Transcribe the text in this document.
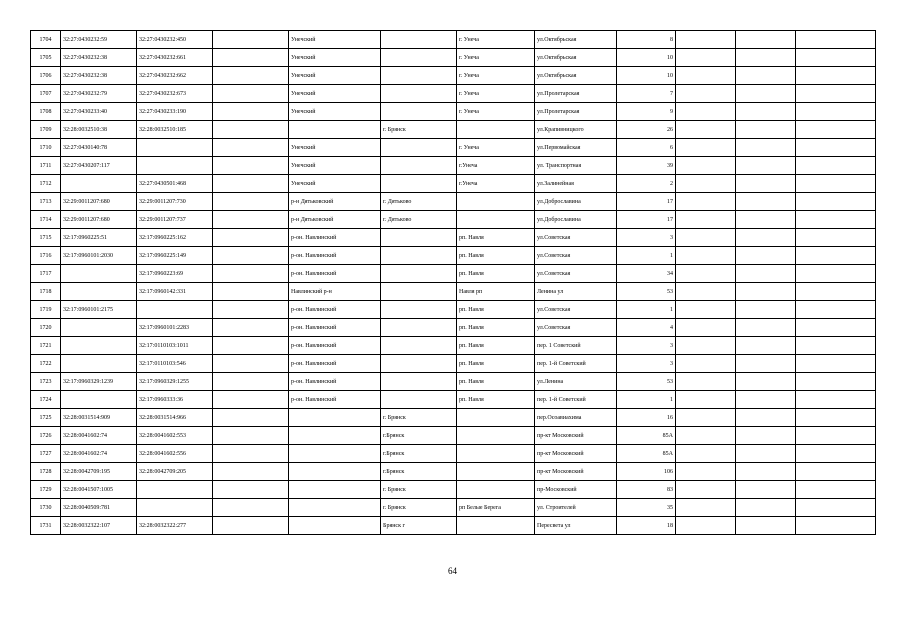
1704	32:27:0430232:59	32:27:0430232:450		Унечский		г. Унеча	ул.Октябрьская	8			
1705	32:27:0430232:38	32:27:0430232:661		Унечский		г. Унеча	ул.Октябрьская	10			
1706	32:27:0430232:38	32:27:0430232:662		Унечский		г. Унеча	ул.Октябрьская	10			
1707	32:27:0430232:79	32:27:0430232:673		Унечский		г. Унеча	ул.Пролетарская	7			
1708	32:27:0430233:40	32:27:0430233:190		Унечский		г. Унеча	ул.Пролетарская	9			
1709	32:28:0032510:38	32:28:0032510:185			г. Брянск		ул.Крапивницкого	26			
1710	32:27:0430140:78			Унечский		г. Унеча	ул.Первомайская	6			
1711	32:27:0430207:117			Унечский		г.Унеча	ул. Транспортная	39			
1712		32:27:0430501:468		Унечский		г.Унеча	ул.Залинейная	2			
1713	32:29:0011207:680	32:29:0011207:730		р-н Дятьковский	г. Дятьково		ул.Доброславина	17			
1714	32:29:0011207:680	32:29:0011207:737		р-н Дятьковский	г. Дятьково		ул.Доброславина	17			
1715	32:17:0960225:51	32:17:0960225:162		р-он. Навлинский		рп. Навля	ул.Советская	3			
1716	32:17:0960101:2030	32:17:0960225:149		р-он. Навлинский		рп. Навля	ул.Советская	1			
1717		32:17:0960223:69		р-он. Навлинский		рп. Навля	ул.Советская	34			
1718		32:17:0960142:331		Навлинский р-н		Навля рп	Ленина ул	53			
1719	32:17:0960101:2175			р-он. Навлинский		рп. Навля	ул.Советская	1			
1720		32:17:0960101:2283		р-он. Навлинский		рп. Навля	ул.Советская	4			
1721		32:17:0110103:1011		р-он. Навлинский		рп. Навля	пер. 1 Советский	3			
1722		32:17:0110103:546		р-он. Навлинский		рп. Навля	пер. 1-й Советский	3			
1723	32:17:0960329:1239	32:17:0960329:1255		р-он. Навлинский		рп. Навля	ул.Ленина	53			
1724		32:17:0960333:36		р-он. Навлинский		рп. Навля	пер. 1-й Советский	1			
1725	32:28:0031514:909	32:28:0031514:966			г. Брянск		пер.Осоавиахима	16			
1726	32:28:0041602:74	32:28:0041602:553			г.Брянск		пр-кт Московский	85А			
1727	32:28:0041602:74	32:28:0041602:556			г.Брянск		пр-кт Московский	85А			
1728	32:28:0042709:195	32:28:0042709:205			г.Брянск		пр-кт Московский	106			
1729	32:28:0041507:1005				г. Брянск		пр-Московский	83			
1730	32:28:0040509:781				г. Брянск	рп Белые Берега	ул. Строителей	35			
1731	32:28:0032322:107	32:28:0032322:277			Брянск г		Пересвета ул	18			
64
